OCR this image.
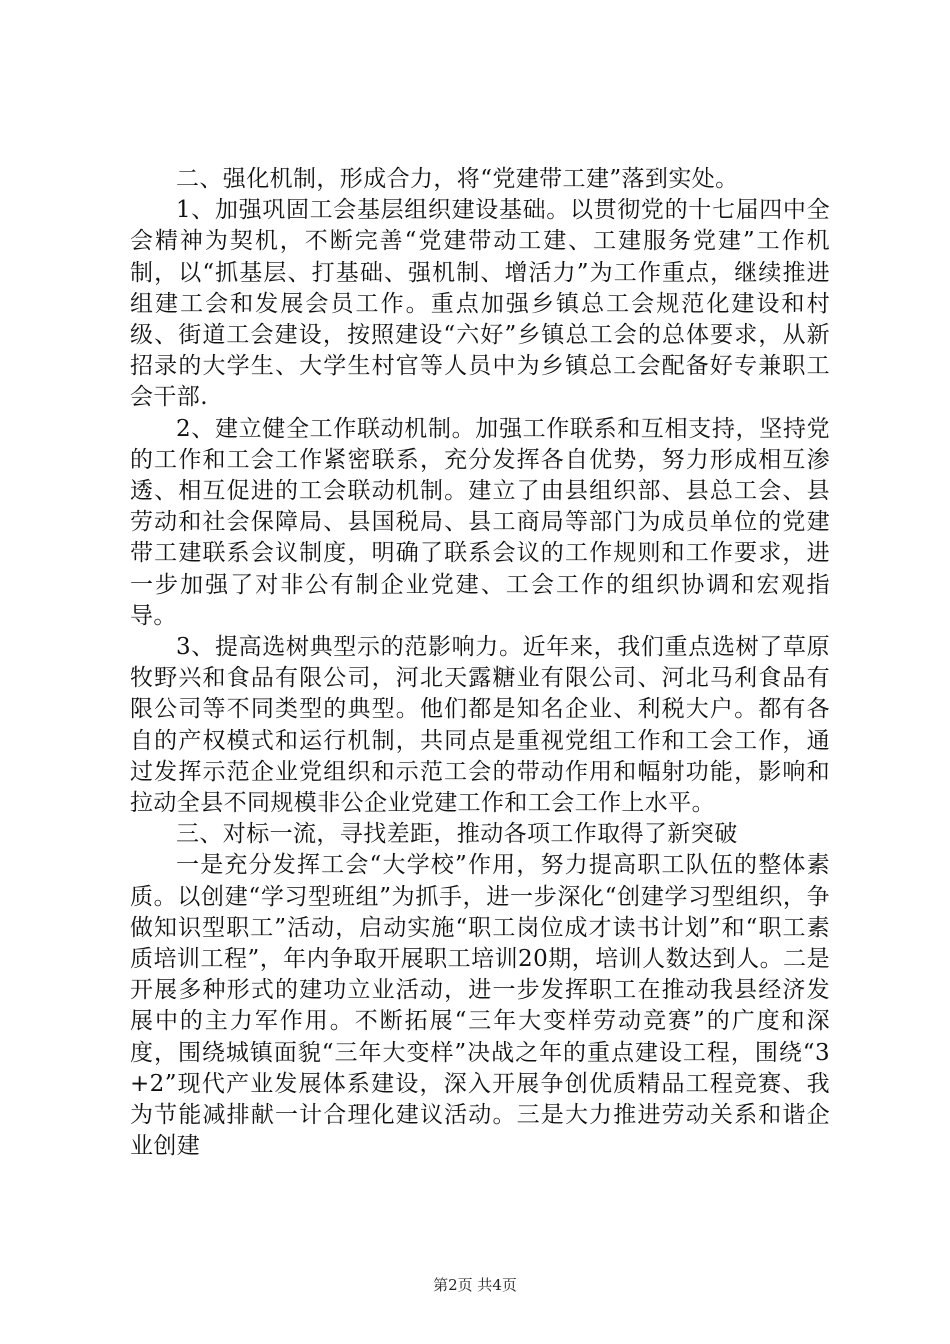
二、强化机制，形成合力，将“党建带工建”落到实处。

1、加强巩固工会基层组织建设基础。以贯彻党的十七届四中全会精神为契机，不断完善“党建带动工建、工建服务党建”工作机制，以“抓基层、打基础、强机制、增活力”为工作重点，继续推进组建工会和发展会员工作。重点加强乡镇总工会规范化建设和村级、街道工会建设，按照建设“六好”乡镇总工会的总体要求，从新招录的大学生、大学生村官等人员中为乡镇总工会配备好专兼职工会干部.

2、建立健全工作联动机制。加强工作联系和互相支持，坚持党的工作和工会工作紧密联系，充分发挥各自优势，努力形成相互渗透、相互促进的工会联动机制。建立了由县组织部、县总工会、县劳动和社会保障局、县国税局、县工商局等部门为成员单位的党建带工建联系会议制度，明确了联系会议的工作规则和工作要求，进一步加强了对非公有制企业党建、工会工作的组织协调和宏观指导。

3、提高选树典型示的范影响力。近年来，我们重点选树了草原牧野兴和食品有限公司，河北天露糖业有限公司、河北马利食品有限公司等不同类型的典型。他们都是知名企业、利税大户。都有各自的产权模式和运行机制，共同点是重视党组工作和工会工作，通过发挥示范企业党组织和示范工会的带动作用和幅射功能，影响和拉动全县不同规模非公企业党建工作和工会工作上水平。

三、对标一流，寻找差距，推动各项工作取得了新突破

一是充分发挥工会“大学校”作用，努力提高职工队伍的整体素质。以创建“学习型班组”为抓手，进一步深化“创建学习型组织，争做知识型职工”活动，启动实施“职工岗位成才读书计划”和“职工素质培训工程”，年内争取开展职工培训20期，培训人数达到人。二是开展多种形式的建功立业活动，进一步发挥职工在推动我县经济发展中的主力军作用。不断拓展“三年大变样劳动竞赛”的广度和深度，围绕城镇面貌“三年大变样”决战之年的重点建设工程，围绕“3+2”现代产业发展体系建设，深入开展争创优质精品工程竞赛、我为节能减排献一计合理化建议活动。三是大力推进劳动关系和谐企业创建

第2页 共4页
